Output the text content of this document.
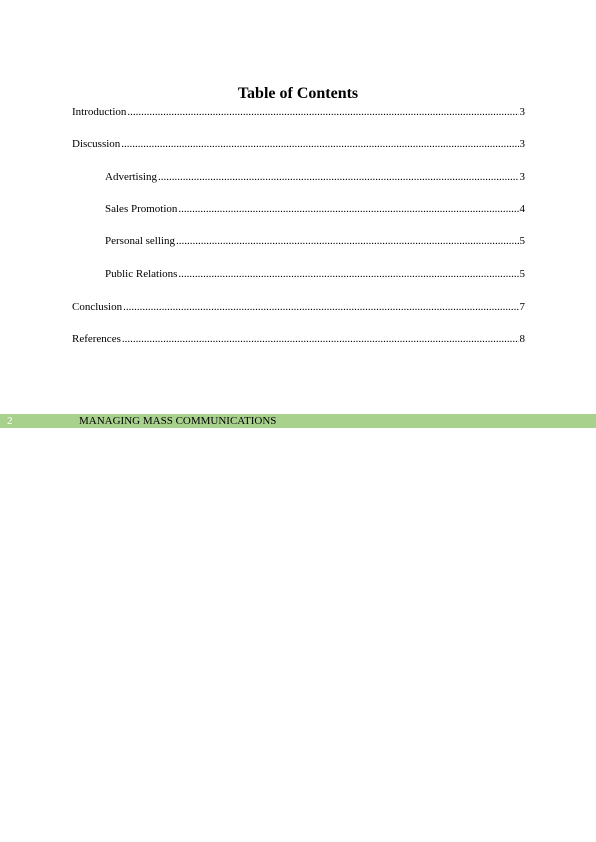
Table of Contents
Introduction .....	3
Discussion .....	3
Advertising .....	3
Sales Promotion .....	4
Personal selling .....	5
Public Relations .....	5
Conclusion .....	7
References .....	8
2	MANAGING MASS COMMUNICATIONS
